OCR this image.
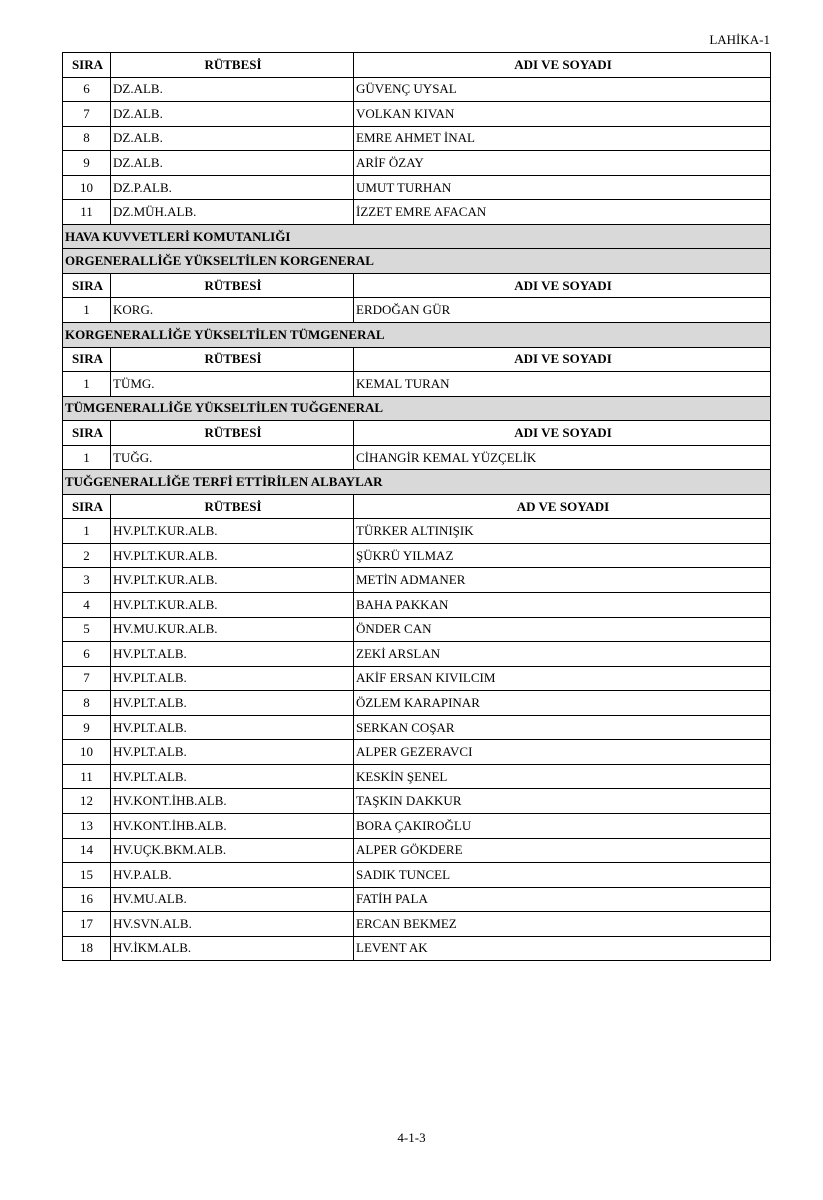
LAHİKA-1
SIRA	RÜTBESİ	ADI VE SOYADI
6	DZ.ALB.	GÜVENÇ UYSAL
7	DZ.ALB.	VOLKAN KIVAN
8	DZ.ALB.	EMRE AHMET İNAL
9	DZ.ALB.	ARİF ÖZAY
10	DZ.P.ALB.	UMUT TURHAN
11	DZ.MÜH.ALB.	İZZET EMRE AFACAN
HAVA KUVVETLERİ KOMUTANLIĞI		
ORGENERALLİĞE YÜKSELTİLEN KORGENERAL		
SIRA	RÜTBESİ	ADI VE SOYADI
1	KORG.	ERDOĞAN GÜR
KORGENERALLİĞE YÜKSELTİLEN TÜMGENERAL		
SIRA	RÜTBESİ	ADI VE SOYADI
1	TÜMG.	KEMAL TURAN
TÜMGENERALLİĞE YÜKSELTİLEN TUĞGENERAL		
SIRA	RÜTBESİ	ADI VE SOYADI
1	TUĞG.	CİHANGİR KEMAL YÜZÇELİK
TUĞGENERALLİĞE TERFİ ETTİRİLEN ALBAYLAR		
SIRA	RÜTBESİ	AD VE SOYADI
1	HV.PLT.KUR.ALB.	TÜRKER ALTINIŞIK
2	HV.PLT.KUR.ALB.	ŞÜKRÜ YILMAZ
3	HV.PLT.KUR.ALB.	METİN ADMANER
4	HV.PLT.KUR.ALB.	BAHA PAKKAN
5	HV.MU.KUR.ALB.	ÖNDER CAN
6	HV.PLT.ALB.	ZEKİ ARSLAN
7	HV.PLT.ALB.	AKİF ERSAN KIVILCIM
8	HV.PLT.ALB.	ÖZLEM KARAPINAR
9	HV.PLT.ALB.	SERKAN COŞAR
10	HV.PLT.ALB.	ALPER GEZERAVCI
11	HV.PLT.ALB.	KESKİN ŞENEL
12	HV.KONT.İHB.ALB.	TAŞKIN DAKKUR
13	HV.KONT.İHB.ALB.	BORA ÇAKIROĞLU
14	HV.UÇK.BKM.ALB.	ALPER GÖKDERE
15	HV.P.ALB.	SADIK TUNCEL
16	HV.MU.ALB.	FATİH PALA
17	HV.SVN.ALB.	ERCAN BEKMEZ
18	HV.İKM.ALB.	LEVENT AK
4-1-3
